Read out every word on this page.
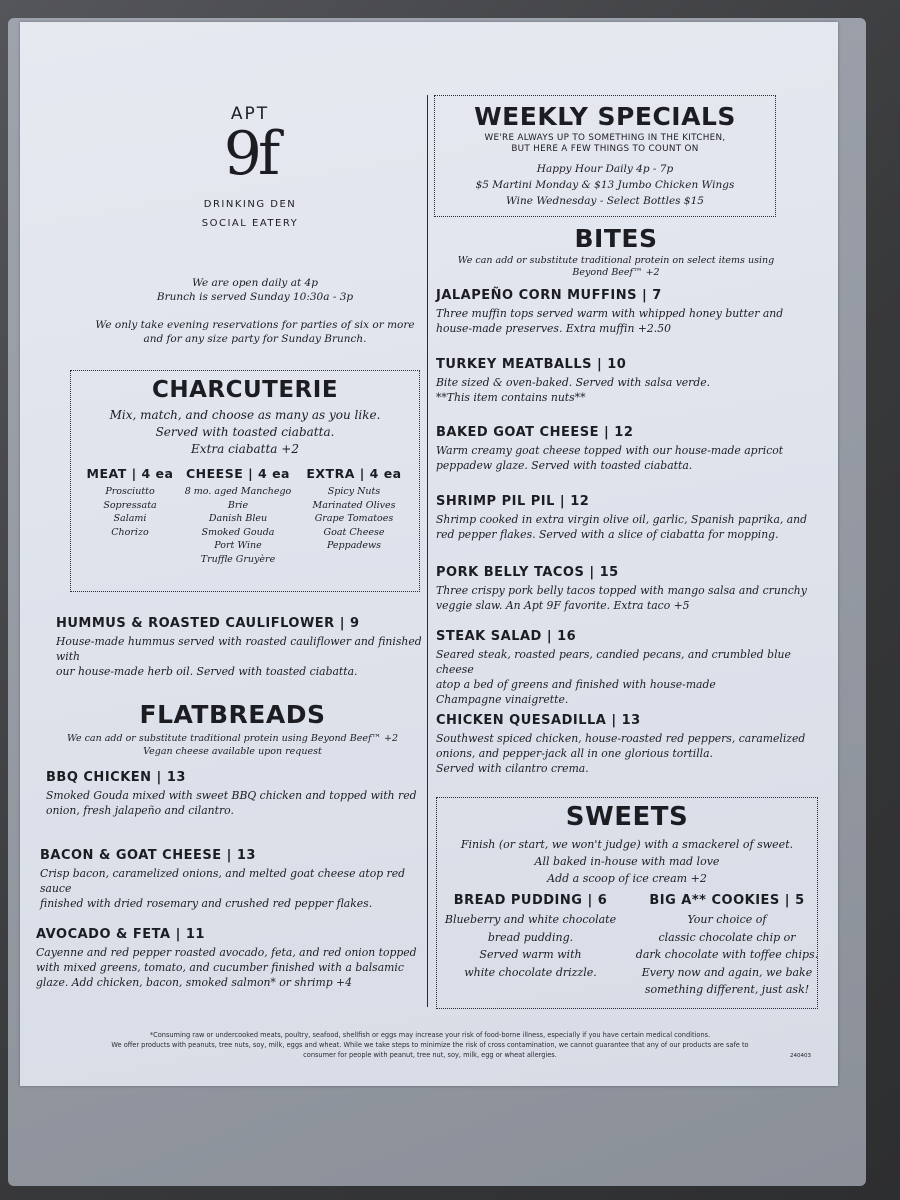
APT
9f
DRINKING DEN
SOCIAL EATERY
We are open daily at 4p
Brunch is served Sunday 10:30a - 3p
We only take evening reservations for parties of six or more
and for any size party for Sunday Brunch.
CHARCUTERIE
Mix, match, and choose as many as you like.
Served with toasted ciabatta.
Extra ciabatta +2
MEAT | 4 ea
Prosciutto
Sopressata
Salami
Chorizo
CHEESE | 4 ea
8 mo. aged Manchego
Brie
Danish Bleu
Smoked Gouda
Port Wine
Truffle Gruyère
EXTRA | 4 ea
Spicy Nuts
Marinated Olives
Grape Tomatoes
Goat Cheese Peppadews
HUMMUS & ROASTED CAULIFLOWER | 9
House-made hummus served with roasted cauliflower and finished with
our house-made herb oil. Served with toasted ciabatta.
FLATBREADS
We can add or substitute traditional protein using Beyond Beef™ +2
Vegan cheese available upon request
BBQ CHICKEN | 13
Smoked Gouda mixed with sweet BBQ chicken and topped with red
onion, fresh jalapeño and cilantro.
BACON & GOAT CHEESE | 13
Crisp bacon, caramelized onions, and melted goat cheese atop red sauce
finished with dried rosemary and crushed red pepper flakes.
AVOCADO & FETA | 11
Cayenne and red pepper roasted avocado, feta, and red onion topped
with mixed greens, tomato, and cucumber finished with a balsamic
glaze. Add chicken, bacon, smoked salmon* or shrimp +4
WEEKLY SPECIALS
WE'RE ALWAYS UP TO SOMETHING IN THE KITCHEN,
BUT HERE A FEW THINGS TO COUNT ON
Happy Hour Daily 4p - 7p
$5 Martini Monday & $13 Jumbo Chicken Wings
Wine Wednesday - Select Bottles $15
BITES
We can add or substitute traditional protein on select items using
Beyond Beef™ +2
JALAPEÑO CORN MUFFINS | 7
Three muffin tops served warm with whipped honey butter and
house-made preserves. Extra muffin +2.50
TURKEY MEATBALLS | 10
Bite sized & oven-baked. Served with salsa verde.
**This item contains nuts**
BAKED GOAT CHEESE | 12
Warm creamy goat cheese topped with our house-made apricot
peppadew glaze. Served with toasted ciabatta.
SHRIMP PIL PIL | 12
Shrimp cooked in extra virgin olive oil, garlic, Spanish paprika, and
red pepper flakes. Served with a slice of ciabatta for mopping.
PORK BELLY TACOS | 15
Three crispy pork belly tacos topped with mango salsa and crunchy
veggie slaw. An Apt 9F favorite. Extra taco +5
STEAK SALAD | 16
Seared steak, roasted pears, candied pecans, and crumbled blue cheese
atop a bed of greens and finished with house-made
Champagne vinaigrette.
CHICKEN QUESADILLA | 13
Southwest spiced chicken, house-roasted red peppers, caramelized
onions, and pepper-jack all in one glorious tortilla.
Served with cilantro crema.
SWEETS
Finish (or start, we won't judge) with a smackerel of sweet.
All baked in-house with mad love
Add a scoop of ice cream +2
BREAD PUDDING | 6
Blueberry and white chocolate
bread pudding.
Served warm with
white chocolate drizzle.
BIG A** COOKIES | 5
Your choice of
classic chocolate chip or
dark chocolate with toffee chips.
Every now and again, we bake
something different, just ask!
*Consuming raw or undercooked meats, poultry, seafood, shellfish or eggs may increase your risk of food-borne illness, especially if you have certain medical conditions.
We offer products with peanuts, tree nuts, soy, milk, eggs and wheat. While we take steps to minimize the risk of cross contamination, we cannot guarantee that any of our products are safe to
consumer for people with peanut, tree nut, soy, milk, egg or wheat allergies.	240403
